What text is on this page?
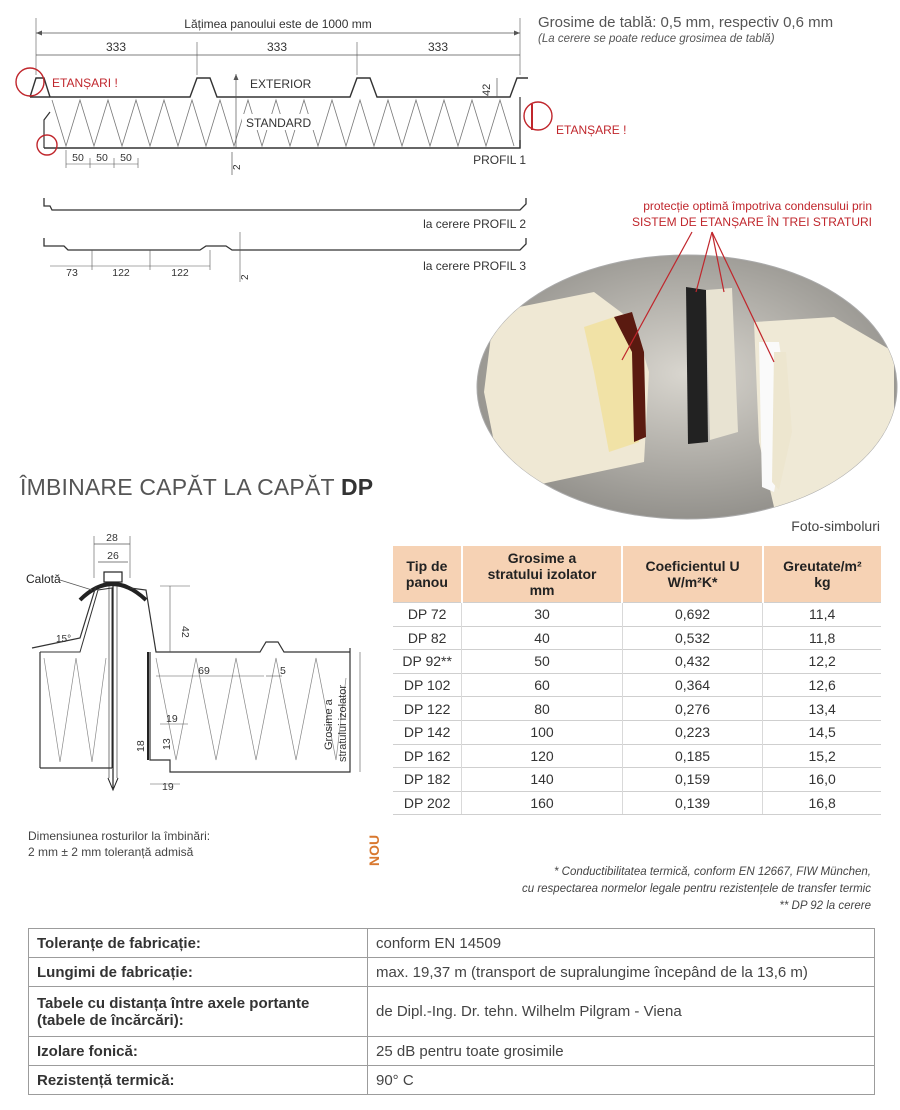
Lățimea panoului este de 1000 mm
333	333	333
ETANȘARI !
ETANȘARE !
EXTERIOR
STANDARD
2
42
50 50 50	PROFIL 1
la cerere PROFIL 2
73	122	122	2
la cerere PROFIL 3
Grosime de tablă: 0,5 mm, respectiv 0,6 mm
(La cerere se poate reduce grosimea de tablă)
protecție optimă împotriva condensului prin
SISTEM DE ETANȘARE ÎN TREI STRATURI
Foto-simboluri
ÎMBINARE CAPĂT LA CAPĂT DP
28
26
Calotă
15°
42
69	5
19
13
18
19
Grosime a stratului izolator
Dimensiunea rosturilor la îmbinări:
2 mm ± 2 mm toleranță admisă
Tip de
panou	Grosime a
stratului izolator
mm	Coeficientul U
W/m²K*	Greutate/m²
kg
DP 72	30	0,692	11,4
DP 82	40	0,532	11,8
DP 92**	50	0,432	12,2
DP 102	60	0,364	12,6
DP 122	80	0,276	13,4
DP 142	100	0,223	14,5
DP 162	120	0,185	15,2
DP 182	140	0,159	16,0
DP 202	160	0,139	16,8
NOU
* Conductibilitatea termică, conform EN 12667, FIW München,
cu respectarea normelor legale pentru rezistențele de transfer termic
** DP 92 la cerere
Toleranțe de fabricație:	conform EN 14509
Lungimi de fabricație:	max. 19,37 m (transport de supralungime începând de la 13,6 m)
Tabele cu distanța între axele portante (tabele de încărcări):	de Dipl.-Ing. Dr. tehn. Wilhelm Pilgram - Viena
Izolare fonică:	25 dB pentru toate grosimile
Rezistență termică:	90° C
